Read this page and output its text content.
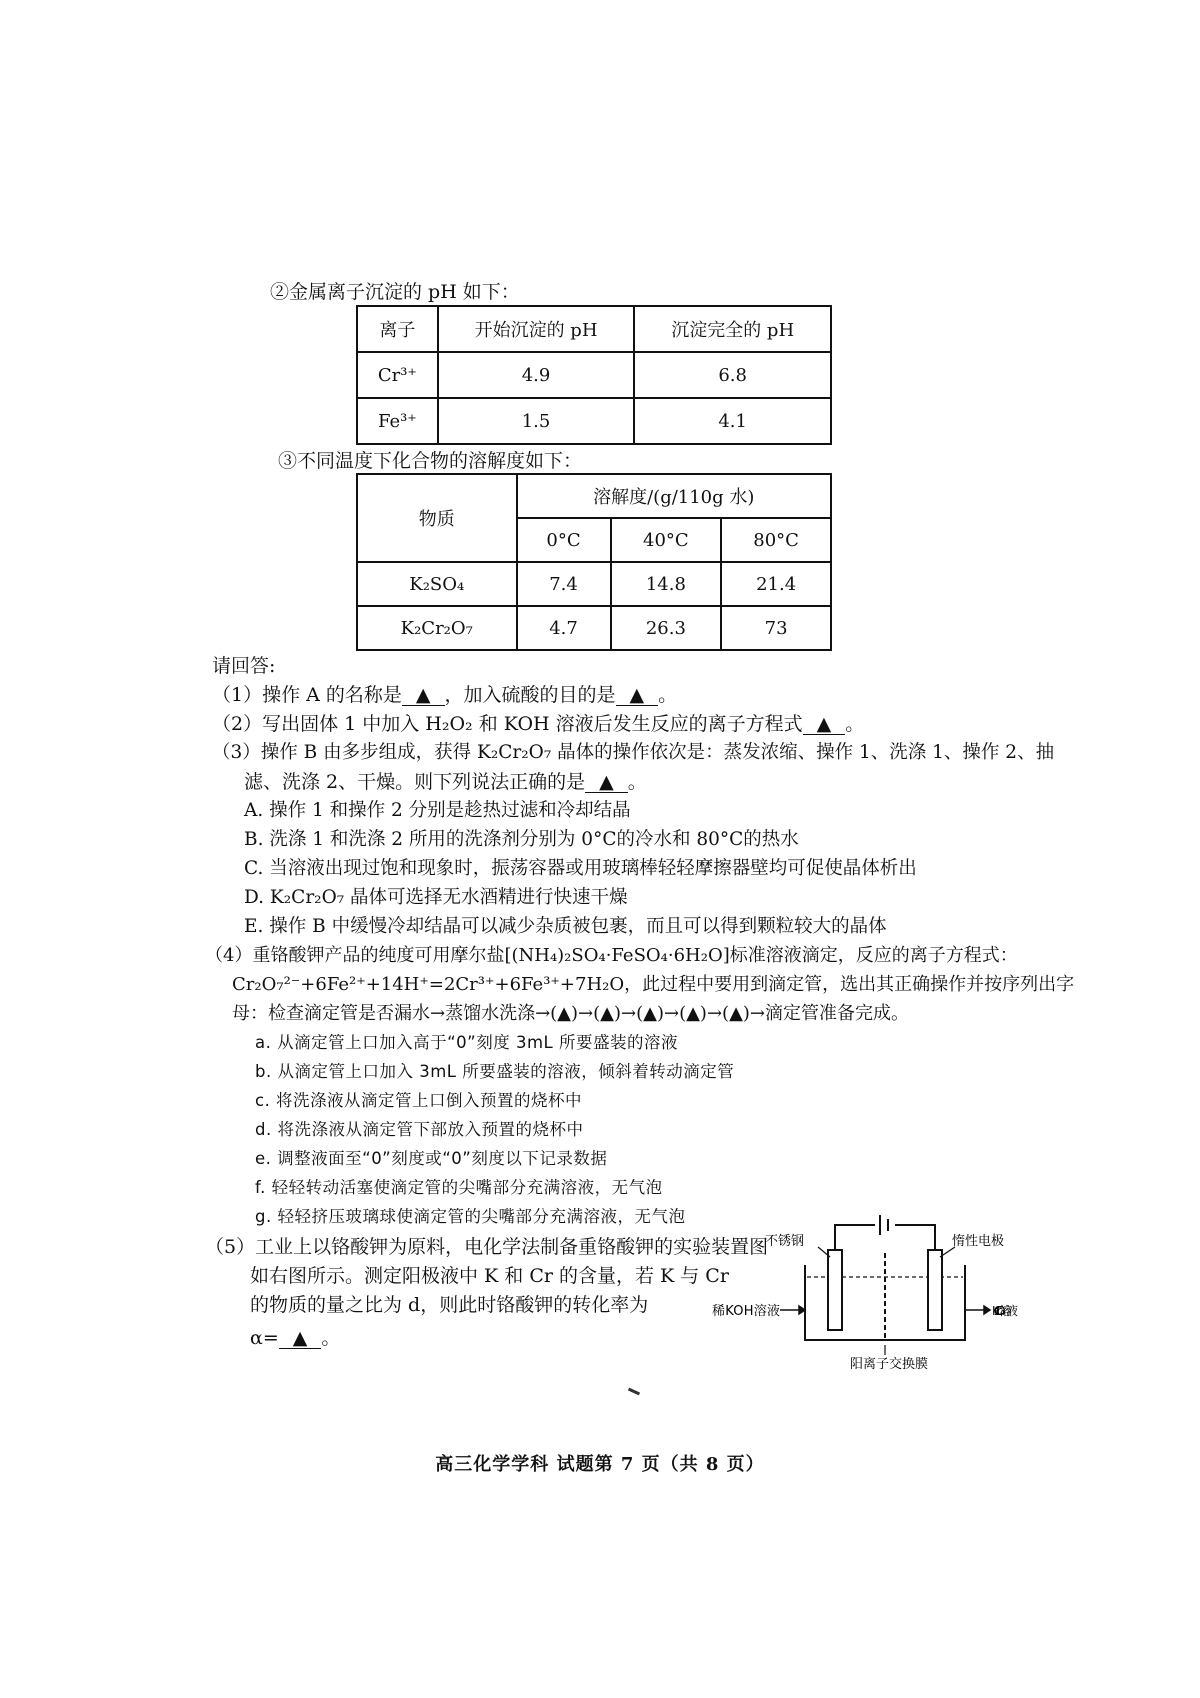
②金属离子沉淀的 pH 如下：
离子	开始沉淀的 pH	沉淀完全的 pH
Cr³⁺	4.9	6.8
Fe³⁺	1.5	4.1
③不同温度下化合物的溶解度如下：
物质	溶解度/(g/110g 水)		
	0°C	40°C	80°C
K₂SO₄	7.4	14.8	21.4
K₂Cr₂O₇	4.7	26.3	73
请回答:
（1）操作 A 的名称是 ▲ ，加入硫酸的目的是 ▲ 。
（2）写出固体 1 中加入 H₂O₂ 和 KOH 溶液后发生反应的离子方程式 ▲ 。
（3）操作 B 由多步组成，获得 K₂Cr₂O₇ 晶体的操作依次是：蒸发浓缩、操作 1、洗涤 1、操作 2、抽
滤、洗涤 2、干燥。则下列说法正确的是 ▲ 。
A. 操作 1 和操作 2 分别是趁热过滤和冷却结晶
B. 洗涤 1 和洗涤 2 所用的洗涤剂分别为 0°C的冷水和 80°C的热水
C. 当溶液出现过饱和现象时，振荡容器或用玻璃棒轻轻摩擦器壁均可促使晶体析出
D. K₂Cr₂O₇ 晶体可选择无水酒精进行快速干燥
E. 操作 B 中缓慢冷却结晶可以减少杂质被包裹，而且可以得到颗粒较大的晶体
（4）重铬酸钾产品的纯度可用摩尔盐[(NH₄)₂SO₄·FeSO₄·6H₂O]标准溶液滴定，反应的离子方程式：
Cr₂O₇²⁻+6Fe²⁺+14H⁺=2Cr³⁺+6Fe³⁺+7H₂O，此过程中要用到滴定管，选出其正确操作并按序列出字
母：检查滴定管是否漏水→蒸馏水洗涤→(▲)→(▲)→(▲)→(▲)→(▲)→滴定管准备完成。
a. 从滴定管上口加入高于“0”刻度 3mL 所要盛装的溶液
b. 从滴定管上口加入 3mL 所要盛装的溶液，倾斜着转动滴定管
c. 将洗涤液从滴定管上口倒入预置的烧杯中
d. 将洗涤液从滴定管下部放入预置的烧杯中
e. 调整液面至“0”刻度或“0”刻度以下记录数据
f. 轻轻转动活塞使滴定管的尖嘴部分充满溶液，无气泡
g. 轻轻挤压玻璃球使滴定管的尖嘴部分充满溶液，无气泡
（5）工业上以铬酸钾为原料，电化学法制备重铬酸钾的实验装置图
如右图所示。测定阳极液中 K 和 Cr 的含量，若 K 与 Cr
的物质的量之比为 d，则此时铬酸钾的转化率为
α= ▲ 。
不锈钢	惰性电极
稀KOH溶液	K₂CrO₄溶液
阳离子交换膜
高三化学学科 试题第 7 页（共 8 页）
